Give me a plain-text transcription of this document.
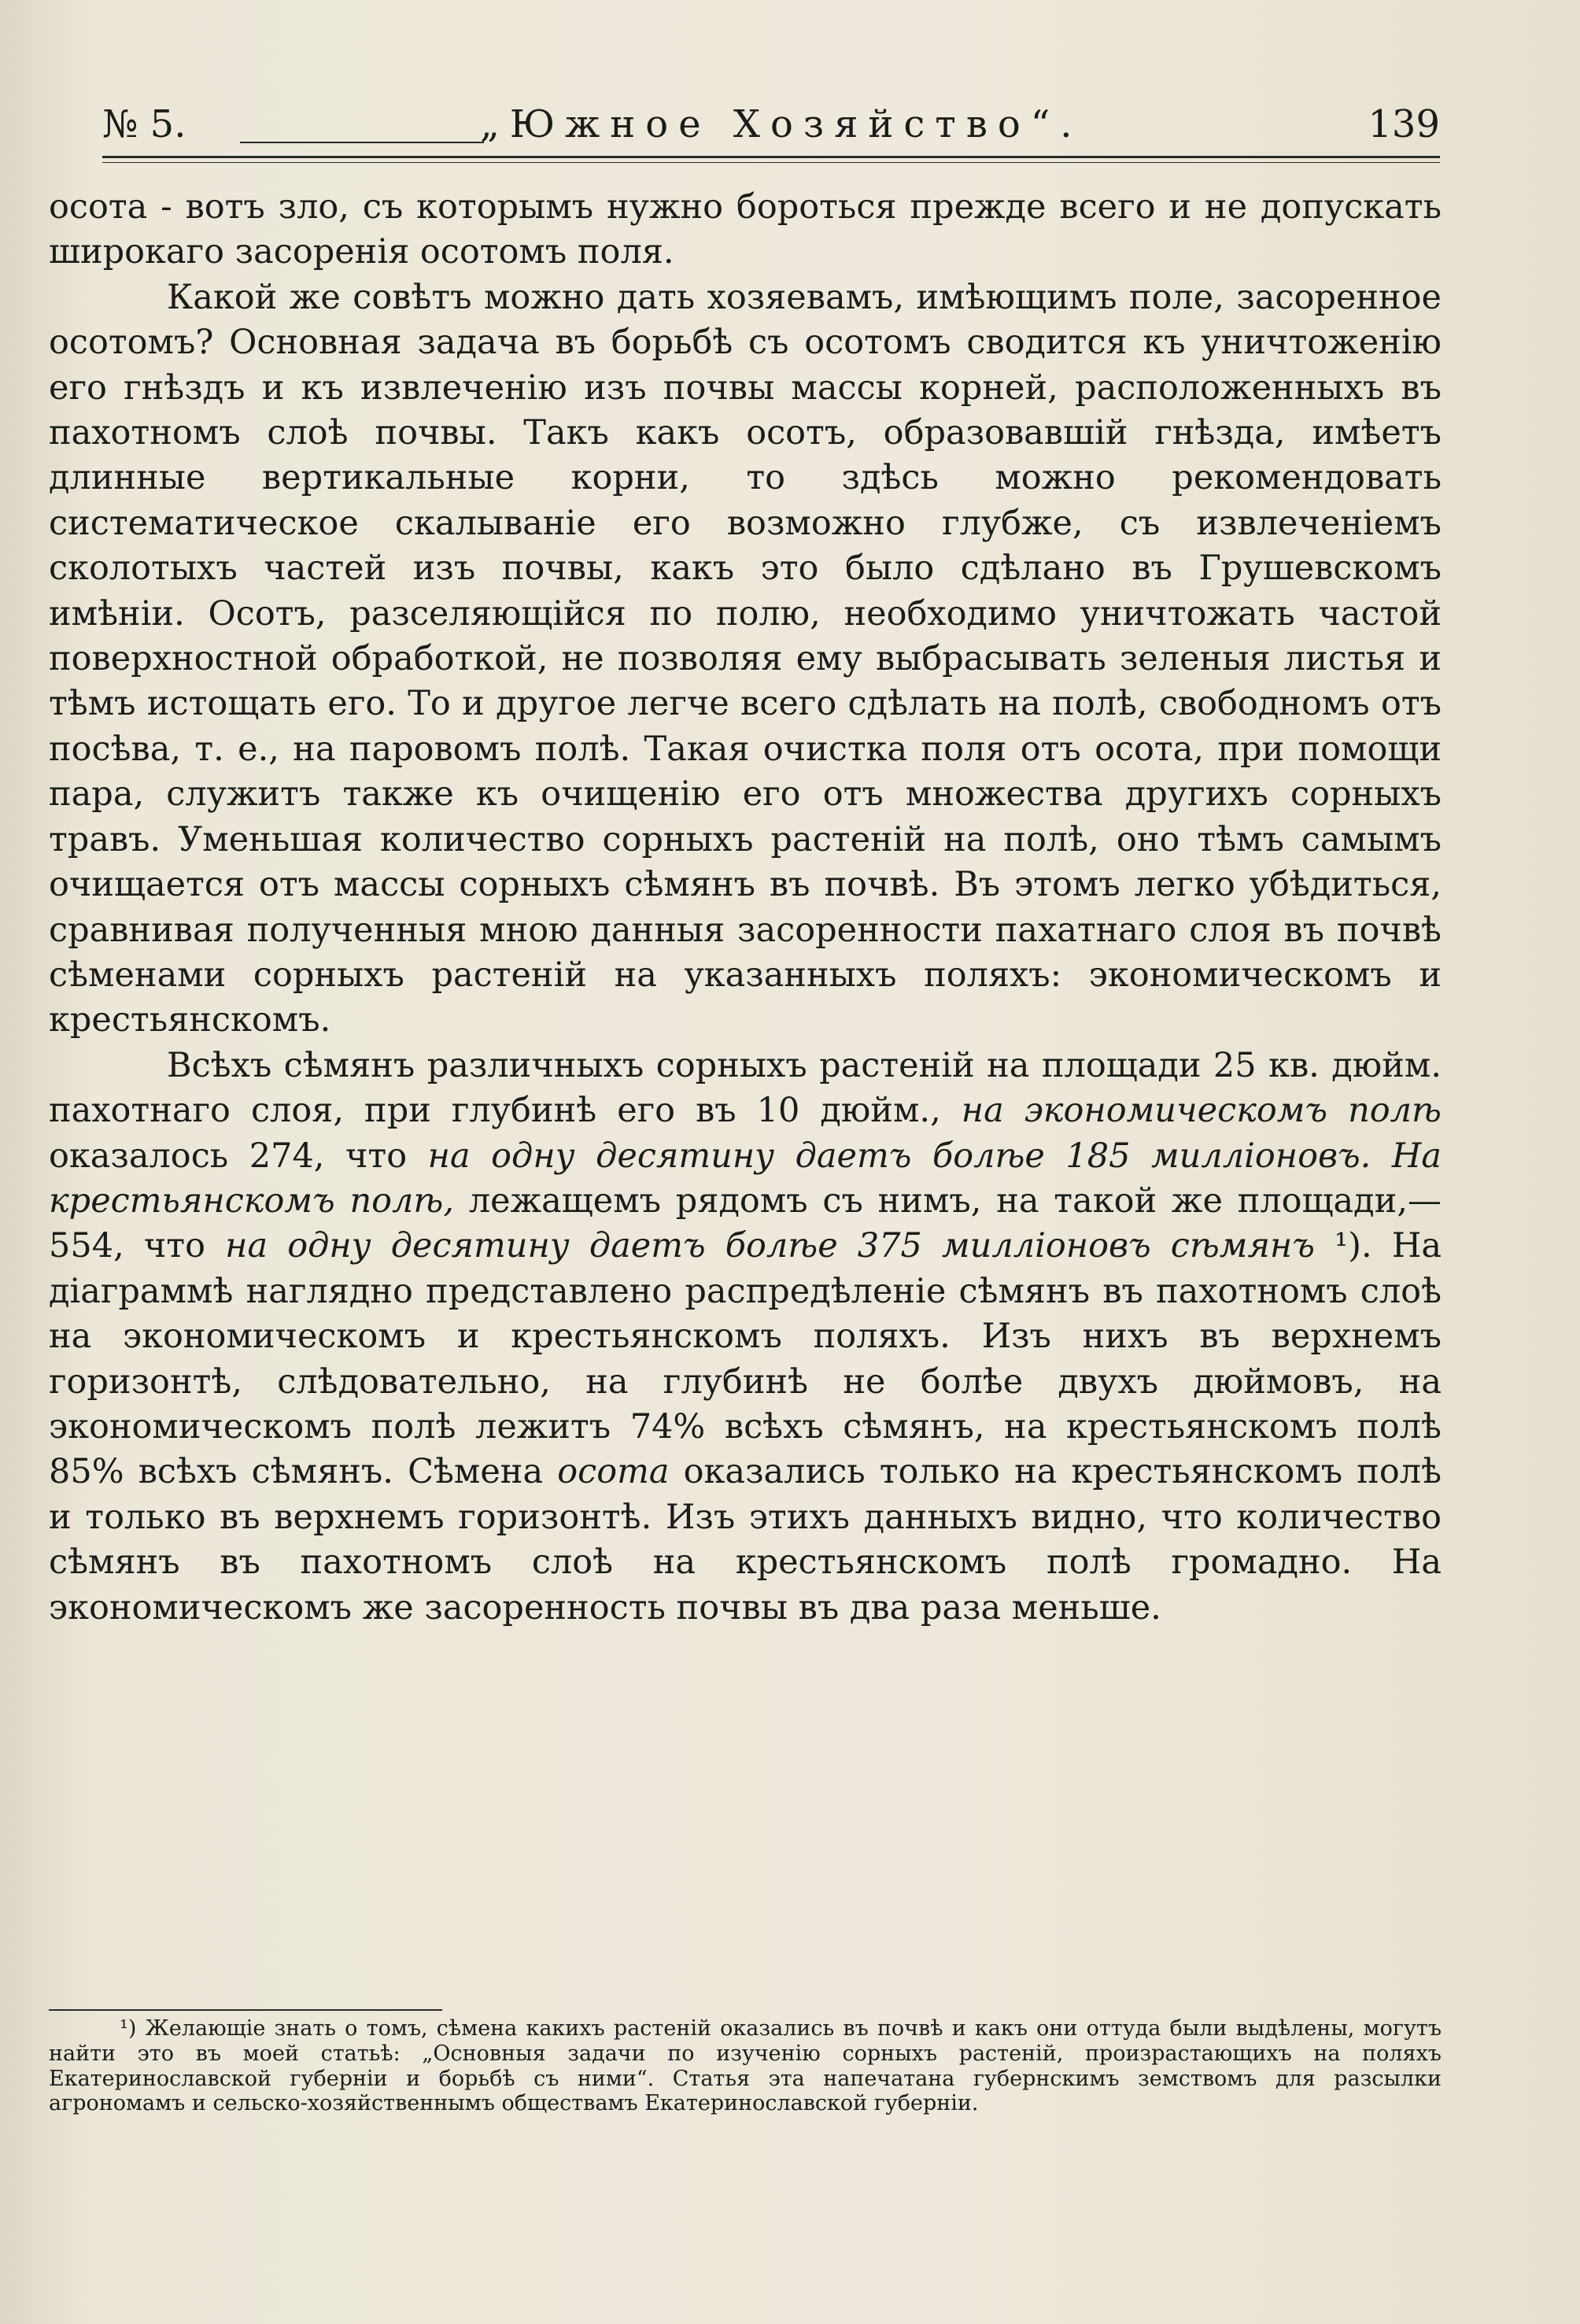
№ 5.	„Южное Хозяйство“.	139

осота - вотъ зло, съ которымъ нужно бороться прежде всего и не допускать широкаго засоренія осотомъ поля.

Какой же совѣтъ можно дать хозяевамъ, имѣющимъ поле, засоренное осотомъ? Основная задача въ борьбѣ съ осотомъ сводится къ уничтоженію его гнѣздъ и къ извлеченію изъ почвы массы корней, расположенныхъ въ пахотномъ слоѣ почвы. Такъ какъ осотъ, образовавшій гнѣзда, имѣетъ длинные вертикальные корни, то здѣсь можно рекомендовать систематическое скалываніе его возможно глубже, съ извлеченіемъ сколотыхъ частей изъ почвы, какъ это было сдѣлано въ Грушевскомъ имѣніи. Осотъ, разселяющійся по полю, необходимо уничтожать частой поверхностной обработкой, не позволяя ему выбрасывать зеленыя листья и тѣмъ истощать его. То и другое легче всего сдѣлать на полѣ, свободномъ отъ посѣва, т. е., на паровомъ полѣ. Такая очистка поля отъ осота, при помощи пара, служитъ также къ очищенію его отъ множества другихъ сорныхъ травъ. Уменьшая количество сорныхъ растеній на полѣ, оно тѣмъ самымъ очищается отъ массы сорныхъ сѣмянъ въ почвѣ. Въ этомъ легко убѣдиться, сравнивая полученныя мною данныя засоренности пахатнаго слоя въ почвѣ сѣменами сорныхъ растеній на указанныхъ поляхъ: экономическомъ и крестьянскомъ.

Всѣхъ сѣмянъ различныхъ сорныхъ растеній на площади 25 кв. дюйм. пахотнаго слоя, при глубинѣ его въ 10 дюйм., на экономическомъ полѣ оказалось 274, что на одну десятину даетъ болѣе 185 милліоновъ. На крестьянскомъ полѣ, лежащемъ рядомъ съ нимъ, на такой же площади,—554, что на одну десятину даетъ болѣе 375 милліоновъ сѣмянъ ¹). На діаграммѣ наглядно представлено распредѣленіе сѣмянъ въ пахотномъ слоѣ на экономическомъ и крестьянскомъ поляхъ. Изъ нихъ въ верхнемъ горизонтѣ, слѣдовательно, на глубинѣ не болѣе двухъ дюймовъ, на экономическомъ полѣ лежитъ 74% всѣхъ сѣмянъ, на крестьянскомъ полѣ 85% всѣхъ сѣмянъ. Сѣмена осота оказались только на крестьянскомъ полѣ и только въ верхнемъ горизонтѣ. Изъ этихъ данныхъ видно, что количество сѣмянъ въ пахотномъ слоѣ на крестьянскомъ полѣ громадно. На экономическомъ же засоренность почвы въ два раза меньше.

¹) Желающіе знать о томъ, сѣмена какихъ растеній оказались въ почвѣ и какъ они оттуда были выдѣлены, могутъ найти это въ моей статьѣ: „Основныя задачи по изученію сорныхъ растеній, произрастающихъ на поляхъ Екатеринославской губерніи и борьбѣ съ ними“. Статья эта напечатана губернскимъ земствомъ для разсылки агрономамъ и сельско-хозяйственнымъ обществамъ Екатеринославской губерніи.
